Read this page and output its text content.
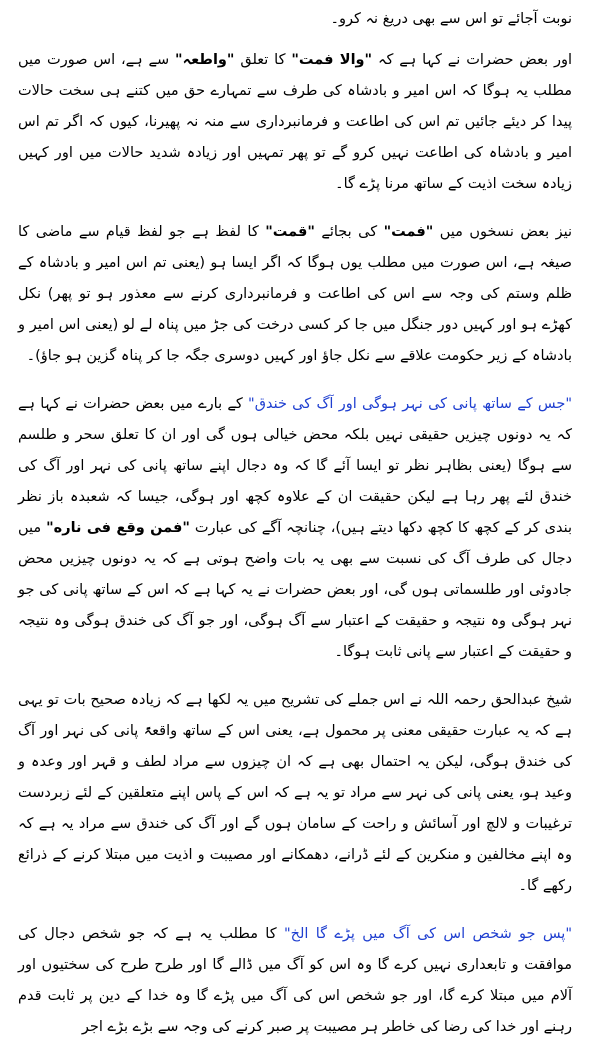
نوبت آجائے تو اس سے بھی دریغ نہ کرو۔

اور بعض حضرات نے کہا ہے کہ "والا فمت" کا تعلق "واطعہ" سے ہے، اس صورت میں مطلب یہ ہوگا کہ اس امیر و بادشاہ کی طرف سے تمہارے حق میں کتنے ہی سخت حالات پیدا کر دیئے جائیں تم اس کی اطاعت و فرمانبرداری سے منہ نہ پھیرنا، کیوں کہ اگر تم اس امیر و بادشاہ کی اطاعت نہیں کرو گے تو پھر تمہیں اور زیادہ شدید حالات میں اور کہیں زیادہ سخت اذیت کے ساتھ مرنا پڑے گا۔

نیز بعض نسخوں میں "فمت" کی بجائے "قمت" کا لفظ ہے جو لفظ قیام سے ماضی کا صیغہ ہے، اس صورت میں مطلب یوں ہوگا کہ اگر ایسا ہو (یعنی تم اس امیر و بادشاہ کے ظلم وستم کی وجہ سے اس کی اطاعت و فرمانبرداری کرنے سے معذور ہو تو پھر) نکل کھڑے ہو اور کہیں دور جنگل میں جا کر کسی درخت کی جڑ میں پناہ لے لو (یعنی اس امیر و بادشاہ کے زیر حکومت علاقے سے نکل جاؤ اور کہیں دوسری جگہ جا کر پناہ گزین ہو جاؤ)۔

"جس کے ساتھ پانی کی نہر ہوگی اور آگ کی خندق" کے بارے میں بعض حضرات نے کہا ہے کہ یہ دونوں چیزیں حقیقی نہیں بلکہ محض خیالی ہوں گی اور ان کا تعلق سحر و طلسم سے ہوگا (یعنی بظاہر نظر تو ایسا آئے گا کہ وہ دجال اپنے ساتھ پانی کی نہر اور آگ کی خندق لئے پھر رہا ہے لیکن حقیقت ان کے علاوہ کچھ اور ہوگی، جیسا کہ شعبدہ باز نظر بندی کر کے کچھ کا کچھ دکھا دیتے ہیں)، چنانچہ آگے کی عبارت "فمن وقع فی ناره" میں دجال کی طرف آگ کی نسبت سے بھی یہ بات واضح ہوتی ہے کہ یہ دونوں چیزیں محض جادوئی اور طلسماتی ہوں گی، اور بعض حضرات نے یہ کہا ہے کہ اس کے ساتھ پانی کی جو نہر ہوگی وہ نتیجہ و حقیقت کے اعتبار سے آگ ہوگی، اور جو آگ کی خندق ہوگی وہ نتیجہ و حقیقت کے اعتبار سے پانی ثابت ہوگا۔

شیخ عبدالحق رحمہ اللہ نے اس جملے کی تشریح میں یہ لکھا ہے کہ زیادہ صحیح بات تو یہی ہے کہ یہ عبارت حقیقی معنی پر محمول ہے، یعنی اس کے ساتھ واقعۃً پانی کی نہر اور آگ کی خندق ہوگی، لیکن یہ احتمال بھی ہے کہ ان چیزوں سے مراد لطف و قہر اور وعدہ و وعید ہو، یعنی پانی کی نہر سے مراد تو یہ ہے کہ اس کے پاس اپنے متعلقین کے لئے زبردست ترغیبات و لالچ اور آسائش و راحت کے سامان ہوں گے اور آگ کی خندق سے مراد یہ ہے کہ وہ اپنے مخالفین و منکرین کے لئے ڈرانے، دھمکانے اور مصیبت و اذیت میں مبتلا کرنے کے ذرائع رکھے گا۔

"پس جو شخص اس کی آگ میں پڑے گا الخ" کا مطلب یہ ہے کہ جو شخص دجال کی موافقت و تابعداری نہیں کرے گا وہ اس کو آگ میں ڈالے گا اور طرح طرح کی سختیوں اور آلام میں مبتلا کرے گا، اور جو شخص اس کی آگ میں پڑے گا وہ خدا کے دین پر ثابت قدم رہنے اور خدا کی رضا کی خاطر ہر مصیبت پر صبر کرنے کی وجہ سے بڑے بڑے اجر
